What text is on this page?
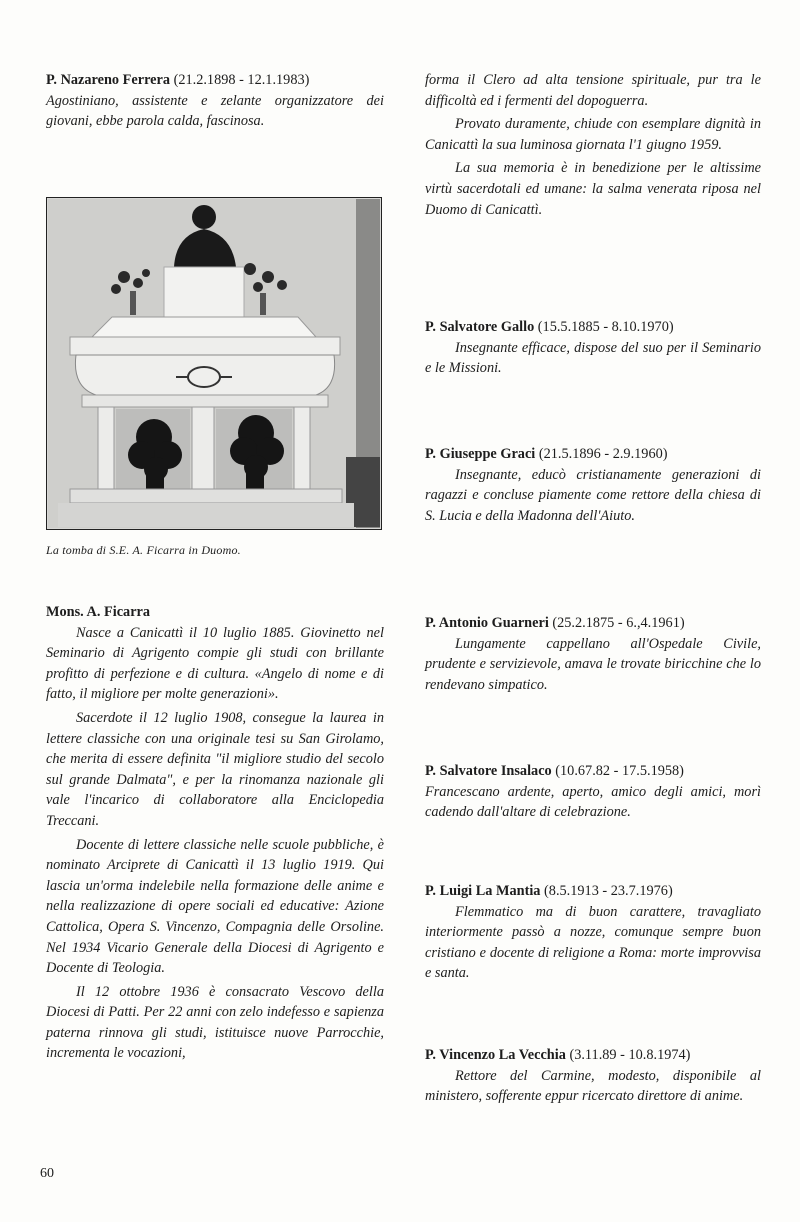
P. Nazareno Ferrera (21.2.1898 - 12.1.1983)

Agostiniano, assistente e zelante organizzatore dei giovani, ebbe parola calda, fascinosa.

La tomba di S.E. A. Ficarra in Duomo.
Mons. A. Ficarra

Nasce a Canicattì il 10 luglio 1885. Giovinetto nel Seminario di Agrigento compie gli studi con brillante profitto di perfezione e di cultura. «Angelo di nome e di fatto, il migliore per molte generazioni».

Sacerdote il 12 luglio 1908, consegue la laurea in lettere classiche con una originale tesi su San Girolamo, che merita di essere definita "il migliore studio del secolo sul grande Dalmata", e per la rinomanza nazionale gli vale l'incarico di collaboratore alla Enciclopedia Treccani.

Docente di lettere classiche nelle scuole pubbliche, è nominato Arciprete di Canicattì il 13 luglio 1919. Qui lascia un'orma indelebile nella formazione delle anime e nella realizzazione di opere sociali ed educative: Azione Cattolica, Opera S. Vincenzo, Compagnia delle Orsoline. Nel 1934 Vicario Generale della Diocesi di Agrigento e Docente di Teologia.

Il 12 ottobre 1936 è consacrato Vescovo della Diocesi di Patti. Per 22 anni con zelo indefesso e sapienza paterna rinnova gli studi, istituisce nuove Parrocchie, incrementa le vocazioni,

forma il Clero ad alta tensione spirituale, pur tra le difficoltà ed i fermenti del dopoguerra.

Provato duramente, chiude con esemplare dignità in Canicattì la sua luminosa giornata l'1 giugno 1959.

La sua memoria è in benedizione per le altissime virtù sacerdotali ed umane: la salma venerata riposa nel Duomo di Canicattì.

P. Salvatore Gallo (15.5.1885 - 8.10.1970)

Insegnante efficace, dispose del suo per il Seminario e le Missioni.

P. Giuseppe Graci (21.5.1896 - 2.9.1960)

Insegnante, educò cristianamente generazioni di ragazzi e concluse piamente come rettore della chiesa di S. Lucia e della Madonna dell'Aiuto.

P. Antonio Guarneri (25.2.1875 - 6.,4.1961)

Lungamente cappellano all'Ospedale Civile, prudente e servizievole, amava le trovate biricchine che lo rendevano simpatico.

P. Salvatore Insalaco (10.67.82 - 17.5.1958)

Francescano ardente, aperto, amico degli amici, morì cadendo dall'altare di celebrazione.

P. Luigi La Mantia (8.5.1913 - 23.7.1976)

Flemmatico ma di buon carattere, travagliato interiormente passò a nozze, comunque sempre buon cristiano e docente di religione a Roma: morte improvvisa e santa.

P. Vincenzo La Vecchia (3.11.89 - 10.8.1974)

Rettore del Carmine, modesto, disponibile al ministero, sofferente eppur ricercato direttore di anime.

60
